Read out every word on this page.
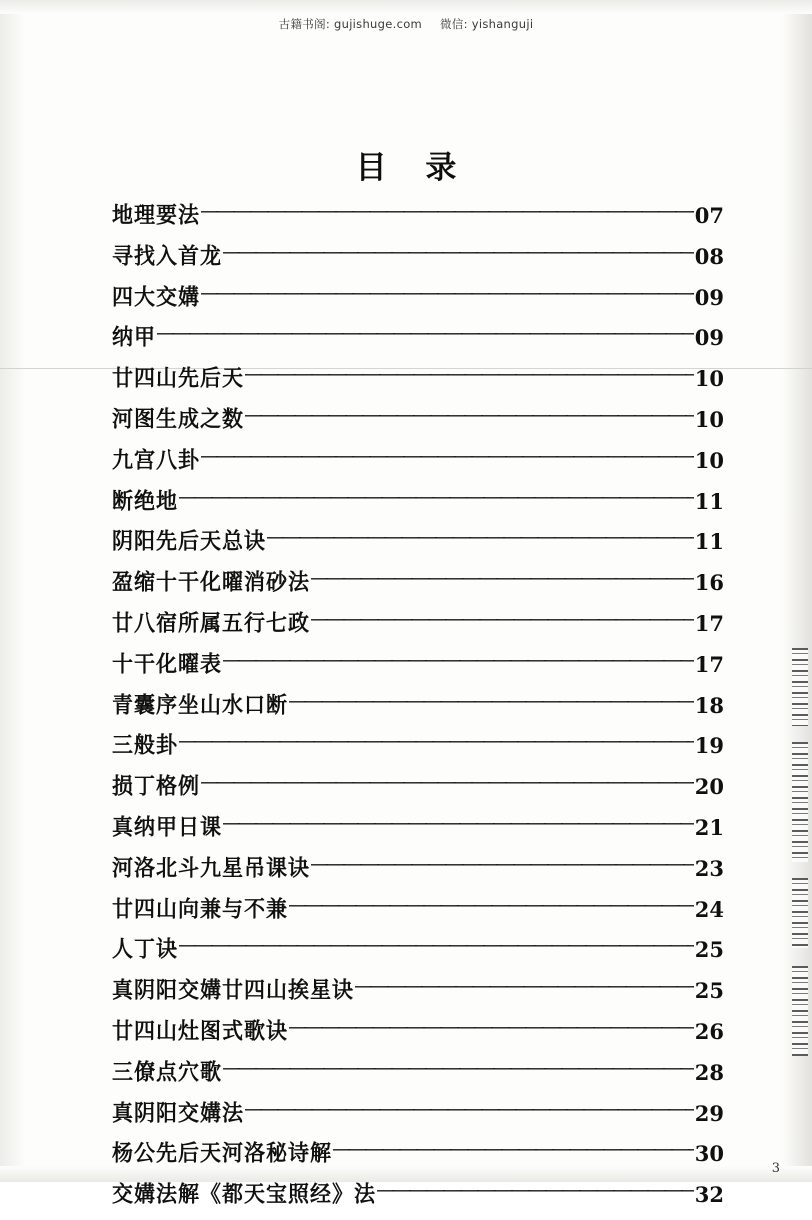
古籍书阁: gujishuge.com 微信: yishanguji
目 录
地理要法 ――――――――――――――――――――――――――――――――――――――――――――――――――――――――――――	07
寻找入首龙 ――――――――――――――――――――――――――――――――――――――――――――――――――――――――――――	08
四大交媾 ――――――――――――――――――――――――――――――――――――――――――――――――――――――――――――	09
纳甲 ――――――――――――――――――――――――――――――――――――――――――――――――――――――――――――	09
廿四山先后天 ――――――――――――――――――――――――――――――――――――――――――――――――――――――――――――	10
河图生成之数 ――――――――――――――――――――――――――――――――――――――――――――――――――――――――――――	10
九宫八卦 ――――――――――――――――――――――――――――――――――――――――――――――――――――――――――――	10
断绝地 ――――――――――――――――――――――――――――――――――――――――――――――――――――――――――――	11
阴阳先后天总诀 ――――――――――――――――――――――――――――――――――――――――――――――――――――――――――――	11
盈缩十干化曜消砂法 ――――――――――――――――――――――――――――――――――――――――――――――――――――――――――――	16
廿八宿所属五行七政 ――――――――――――――――――――――――――――――――――――――――――――――――――――――――――――	17
十干化曜表 ――――――――――――――――――――――――――――――――――――――――――――――――――――――――――――	17
青囊序坐山水口断 ――――――――――――――――――――――――――――――――――――――――――――――――――――――――――――	18
三般卦 ――――――――――――――――――――――――――――――――――――――――――――――――――――――――――――	19
损丁格例 ――――――――――――――――――――――――――――――――――――――――――――――――――――――――――――	20
真纳甲日课 ――――――――――――――――――――――――――――――――――――――――――――――――――――――――――――	21
河洛北斗九星吊课诀 ――――――――――――――――――――――――――――――――――――――――――――――――――――――――――――	23
廿四山向兼与不兼 ――――――――――――――――――――――――――――――――――――――――――――――――――――――――――――	24
人丁诀 ――――――――――――――――――――――――――――――――――――――――――――――――――――――――――――	25
真阴阳交媾廿四山挨星诀 ――――――――――――――――――――――――――――――――――――――――――――――――――――――――――――	25
廿四山灶图式歌诀 ――――――――――――――――――――――――――――――――――――――――――――――――――――――――――――	26
三僚点穴歌 ――――――――――――――――――――――――――――――――――――――――――――――――――――――――――――	28
真阴阳交媾法 ――――――――――――――――――――――――――――――――――――――――――――――――――――――――――――	29
杨公先后天河洛秘诗解 ――――――――――――――――――――――――――――――――――――――――――――――――――――――――――――	30
交媾法解《都天宝照经》法 ――――――――――――――――――――――――――――――――――――――――――――――――――――――――――――	32
3
